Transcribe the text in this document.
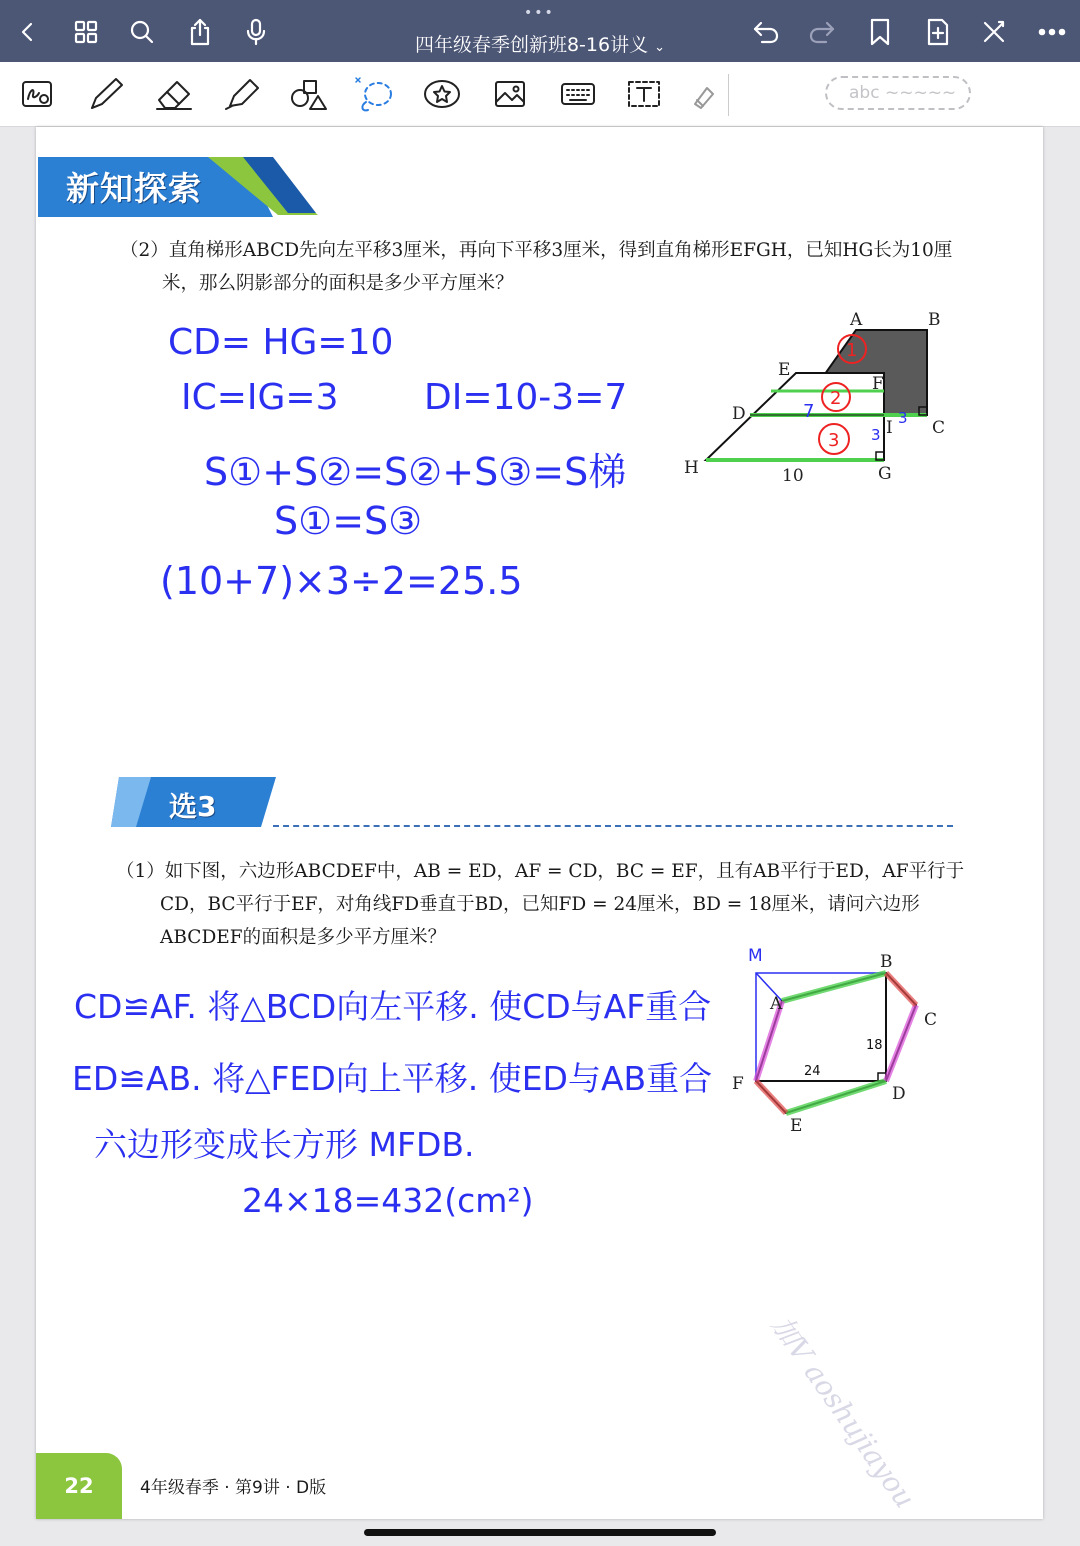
•••
四年级春季创新班8-16讲义 ⌄
abc ~~~~~
新知探索
（2）直角梯形ABCD先向左平移3厘米，再向下平移3厘米，得到直角梯形EFGH，已知HG长为10厘
米，那么阴影部分的面积是多少平方厘米？
CD= HG=10
IC=IG=3 DI=10-3=7
S①+S②=S②+S③=S梯
S①=S③
(10+7)×3÷2=25.5
1
2
3
7
3
3
A	B
C
D
E
F
I
G
H	10
选3
（1）如下图，六边形ABCDEF中，AB = ED，AF = CD，BC = EF，且有AB平行于ED，AF平行于
CD，BC平行于EF，对角线FD垂直于BD，已知FD = 24厘米，BD = 18厘米，请问六边形
ABCDEF的面积是多少平方厘米？
CD≌AF. 将△BCD向左平移. 使CD与AF重合
ED≌AB. 将△FED向上平移. 使ED与AB重合
六边形变成长方形 MFDB.
24×18=432(cm²)
M
A
B
C
D
E
F
24
18
加V aoshujiayou
22	4年级春季 · 第9讲 · D版
